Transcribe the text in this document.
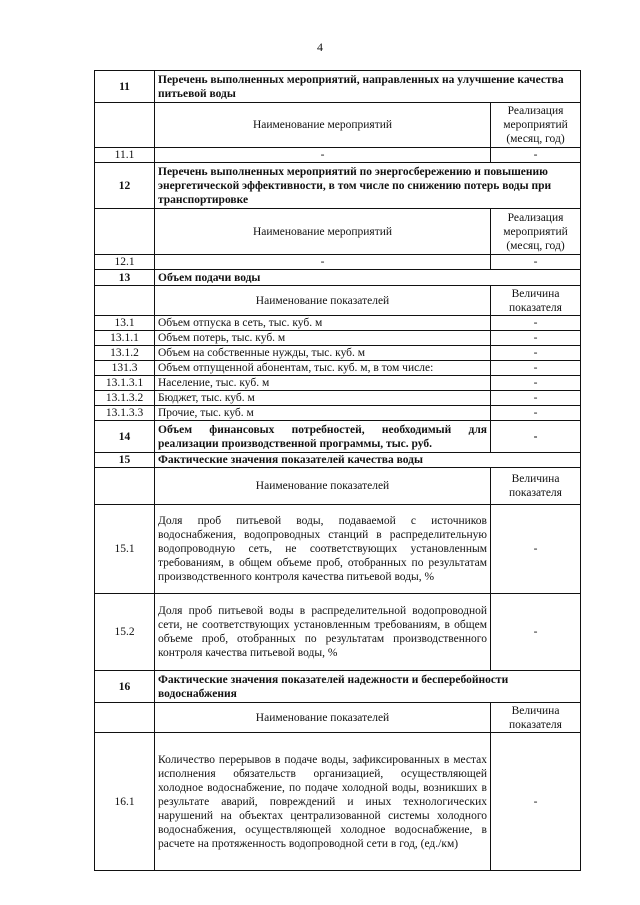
4
11	Перечень выполненных мероприятий, направленных на улучшение качества питьевой воды	
	Наименование мероприятий	Реализация мероприятий (месяц, год)
11.1	-	-
12	Перечень выполненных мероприятий по энергосбережению и повышению энергетической эффективности, в том числе по снижению потерь воды при транспортировке	
	Наименование мероприятий	Реализация мероприятий (месяц, год)
12.1	-	-
13	Объем подачи воды	
	Наименование показателей	Величина показателя
13.1	Объем отпуска в сеть, тыс. куб. м	-
13.1.1	Объем потерь, тыс. куб. м	-
13.1.2	Объем на собственные нужды, тыс. куб. м	-
131.3	Объем отпущенной абонентам, тыс. куб. м, в том числе:	-
13.1.3.1	Население, тыс. куб. м	-
13.1.3.2	Бюджет, тыс. куб. м	-
13.1.3.3	Прочие, тыс. куб. м	-
14	Объем финансовых потребностей, необходимый для реализации производственной программы, тыс. руб.	-
15	Фактические значения показателей качества воды	
	Наименование показателей	Величина показателя
15.1	Доля проб питьевой воды, подаваемой с источников водоснабжения, водопроводных станций в распределительную водопроводную сеть, не соответствующих установленным требованиям, в общем объеме проб, отобранных по результатам производственного контроля качества питьевой воды, %	-
15.2	Доля проб питьевой воды в распределительной водопроводной сети, не соответствующих установленным требованиям, в общем объеме проб, отобранных по результатам производственного контроля качества питьевой воды, %	-
16	Фактические значения показателей надежности и бесперебойности водоснабжения	
	Наименование показателей	Величина показателя
16.1	Количество перерывов в подаче воды, зафиксированных в местах исполнения обязательств организацией, осуществляющей холодное водоснабжение, по подаче холодной воды, возникших в результате аварий, повреждений и иных технологических нарушений на объектах централизованной системы холодного водоснабжения, осуществляющей холодное водоснабжение, в расчете на протяженность водопроводной сети в год, (ед./км)	-
